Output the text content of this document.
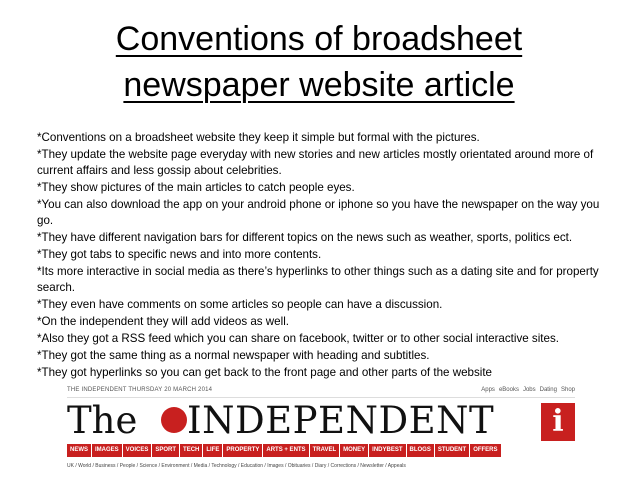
Conventions of broadsheet
newspaper website article

*Conventions on a broadsheet website they keep it simple but formal with the pictures.

*They update the website page everyday with new stories and new articles mostly orientated around more of current affairs and less gossip about celebrities.

*They show pictures of the main articles to catch people eyes.

*You can also download the app on your android phone or iphone so you have the newspaper on the way you go.

*They have different navigation bars for different topics on the news such as weather, sports, politics ect.

*They got tabs to specific news and into more contents.

*Its more interactive in social media as there’s hyperlinks to other things such as a dating site and for property search.

*They even have comments on some articles so people can have a discussion.

*On the independent they will add videos as well.

*Also they got a RSS feed which you can share on facebook, twitter or to other social interactive sites.

*They got the same thing as a normal newspaper with heading and subtitles.

*They got hyperlinks so you can get back to the front page and other parts of the website

THE INDEPENDENT THURSDAY 20 MARCH 2014	Apps eBooks Jobs Dating Shop
The INDEPENDENT	i
NEWS	IMAGES	VOICES	SPORT	TECH	LIFE	PROPERTY	ARTS + ENTS	TRAVEL	MONEY	INDYBEST	BLOGS	STUDENT	OFFERS
UK / World / Business / People / Science / Environment / Media / Technology / Education / Images / Obituaries / Diary / Corrections / Newsletter / Appeals
